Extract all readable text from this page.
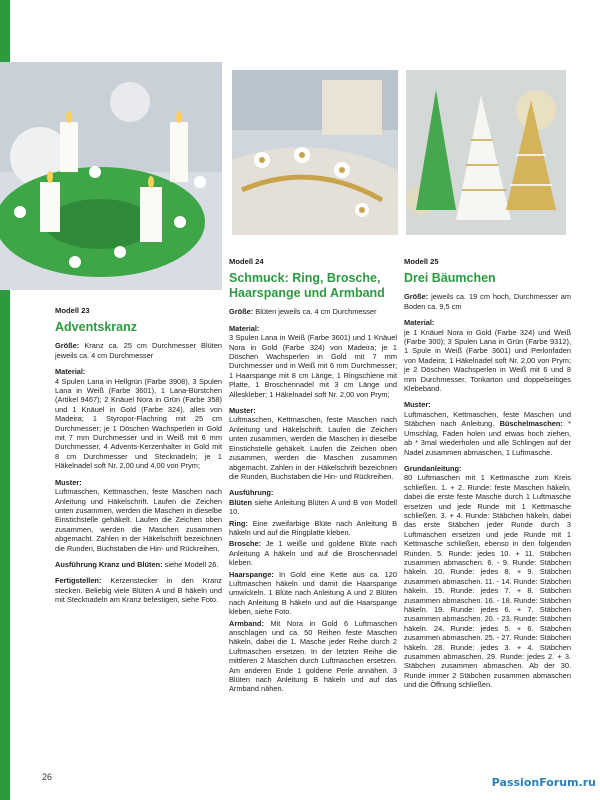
Modell 23
Adventskranz

Größe: Kranz ca. 25 cm Durchmesser Blüten jeweils ca. 4 cm Durchmesser

Material:
4 Spulen Lana in Hellgrün (Farbe 3908), 3 Spulen Lana in Weiß (Farbe 3601), 1 Lana-Bürstchen (Artikel 9467); 2 Knäuel Nora in Grün (Farbe 358) und 1 Knäuel in Gold (Farbe 324), alles von Madeira; 1 Styropor-Flachring mit 25 cm Durchmesser; je 1 Döschen Wachsperlen in Gold mit 7 mm Durchmesser und in Weiß mit 6 mm Durchmesser, 4 Advents-Kerzenhalter in Gold mit 8 cm Durchmesser und Stecknadeln; je 1 Häkelnadel soft Nr. 2,00 und 4,00 von Prym;

Muster:
Luftmaschen, Kettmaschen, feste Maschen nach Anleitung und Häkelschrift. Laufen die Zeichen unten zusammen, werden die Maschen in dieselbe Einstichstelle gehäkelt. Laufen die Zeichen oben zusammen, werden die Maschen zusammen abgemacht. Zahlen in der Häkelschrift bezeichnen die Runden, Buchstaben die Hin- und Rückreihen.

Ausführung Kranz und Blüten: siehe Modell 26.

Fertigstellen: Kerzenstecker in den Kranz stecken. Beliebig viele Blüten A und B häkeln und mit Stecknadeln am Kranz befestigen, siehe Foto.

Modell 24
Schmuck: Ring, Brosche, Haarspange und Armband

Größe: Blüten jeweils ca. 4 cm Durchmesser

Material:
3 Spulen Lana in Weiß (Farbe 3601) und 1 Knäuel Nora in Gold (Farbe 324) von Madeira; je 1 Döschen Wachsperlen in Gold mit 7 mm Durchmesser und in Weiß mit 6 mm Durchmesser; 1 Haarspange mit 8 cm Länge, 1 Ringschiene mit Platte, 1 Broschennadel mit 3 cm Länge und Alleskleber; 1 Häkelnadel soft Nr. 2,00 von Prym;

Muster:
Luftmaschen, Kettmaschen, feste Maschen nach Anleitung und Häkelschrift. Laufen die Zeichen unten zusammen, werden die Maschen in dieselbe Einstichstelle gehäkelt. Laufen die Zeichen oben zusammen, werden die Maschen zusammen abgemacht. Zahlen in der Häkelschrift bezeichnen die Runden, Buchstaben die Hin- und Rückreihen.

Ausführung:
Blüten siehe Anleitung Blüten A und B von Modell 10.

Ring: Eine zweifarbige Blüte nach Anleitung B häkeln und auf die Ringplatte kleben.

Brosche: Je 1 weiße und goldene Blüte nach Anleitung A häkeln und auf die Broschennadel kleben.

Haarspange: In Gold eine Kette aus ca. 120 Luftmaschen häkeln und damit die Haarspange umwickeln. 1 Blüte nach Anleitung A und 2 Blüten nach Anleitung B häkeln und auf die Haarspange kleben, siehe Foto.

Armband: Mit Nora in Gold 6 Luftmaschen anschlagen und ca. 50 Reihen feste Maschen häkeln, dabei die 1. Masche jeder Reihe durch 2 Luftmaschen ersetzen. In der letzten Reihe die mittleren 2 Maschen durch Luftmaschen ersetzen. Am anderen Ende 1 goldene Perle annähen. 3 Blüten nach Anleitung B häkeln und auf das Armband nähen.

Modell 25
Drei Bäumchen

Größe: jeweils ca. 19 cm hoch, Durchmesser am Boden ca. 9,5 cm

Material:
je 1 Knäuel Nora in Gold (Farbe 324) und Weiß (Farbe 300); 3 Spulen Lana in Grün (Farbe 9312), 1 Spule in Weiß (Farbe 3601) und Perlonfaden von Madeira; 1 Häkelnadel soft Nr. 2,00 von Prym; je 2 Döschen Wachsperlen in Weiß mit 6 und 8 mm Durchmesser, Tonkarton und doppelseitiges Klebeband.

Muster:
Luftmaschen, Kettmaschen, feste Maschen und Stäbchen nach Anleitung. Büschelmaschen: * Umschlag, Faden holen und etwas hoch ziehen, ab * 3mal wiederholen und alle Schlingen auf der Nadel zusammen abmaschen, 1 Luftmasche.

Grundanleitung:
80 Luftmaschen mit 1 Kettmasche zum Kreis schließen. 1. + 2. Runde: feste Maschen häkeln, dabei die erste feste Masche durch 1 Luftmasche ersetzen und jede Runde mit 1 Kettmasche schließen. 3. + 4. Runde: Stäbchen häkeln, dabei das erste Stäbchen jeder Runde durch 3 Luftmaschen ersetzen und jede Runde mit 1 Kettmasche schließen, ebenso in den folgenden Runden. 5. Runde: jedes 10. + 11. Stäbchen zusammen abmaschen. 6. - 9. Runde: Stäbchen häkeln. 10. Runde: jedes 8. + 9. Stäbchen zusammen abmaschen. 11. - 14. Runde: Stäbchen häkeln. 15. Runde: jedes 7. + 8. Stäbchen zusammen abmaschen. 16. - 18. Runde: Stäbchen häkeln. 19. Runde: jedes 6. + 7. Stäbchen zusammen abmaschen. 20. - 23. Runde: Stäbchen häkeln. 24. Runde: jedes 5. + 6. Stäbchen zusammen abmaschen. 25. - 27. Runde: Stäbchen häkeln. 28. Runde: jedes 3. + 4. Stäbchen zusammen abmaschen. 29. Runde: jedes 2. + 3. Stäbchen zusammen abmaschen. Ab der 30. Runde immer 2 Stäbchen zusammen abmaschen und die Öffnung schließen.

26	PassionForum.ru
